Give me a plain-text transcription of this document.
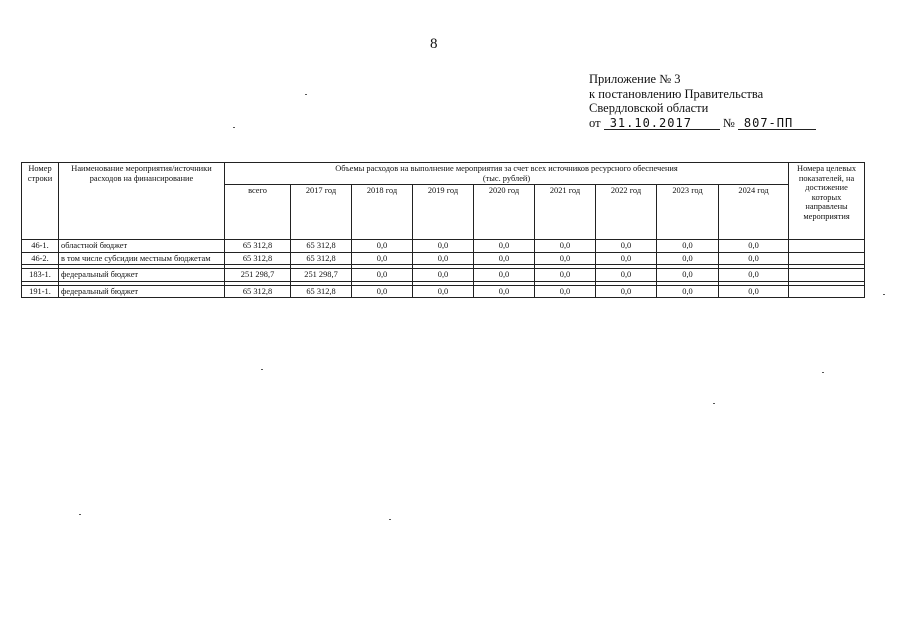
8
Приложение № 3
к постановлению Правительства
Свердловской области
от 31.10.2017 № 807-ПП
Номер строки	Наименование мероприятия/источники расходов на финансирование	Объемы расходов на выполнение мероприятия за счет всех источников ресурсного обеспечения
(тыс. рублей)									Номера целевых показателей, на достижение которых направлены мероприятия
		всего	2017 год	2018 год	2019 год	2020 год	2021 год	2022 год	2023 год	2024 год	
46-1.	областной бюджет	65 312,8	65 312,8	0,0	0,0	0,0	0,0	0,0	0,0	0,0	
46-2.	в том числе субсидии местным бюджетам	65 312,8	65 312,8	0,0	0,0	0,0	0,0	0,0	0,0	0,0	

183-1.	федеральный бюджет	251 298,7	251 298,7	0,0	0,0	0,0	0,0	0,0	0,0	0,0	

191-1.	федеральный бюджет	65 312,8	65 312,8	0,0	0,0	0,0	0,0	0,0	0,0	0,0	
